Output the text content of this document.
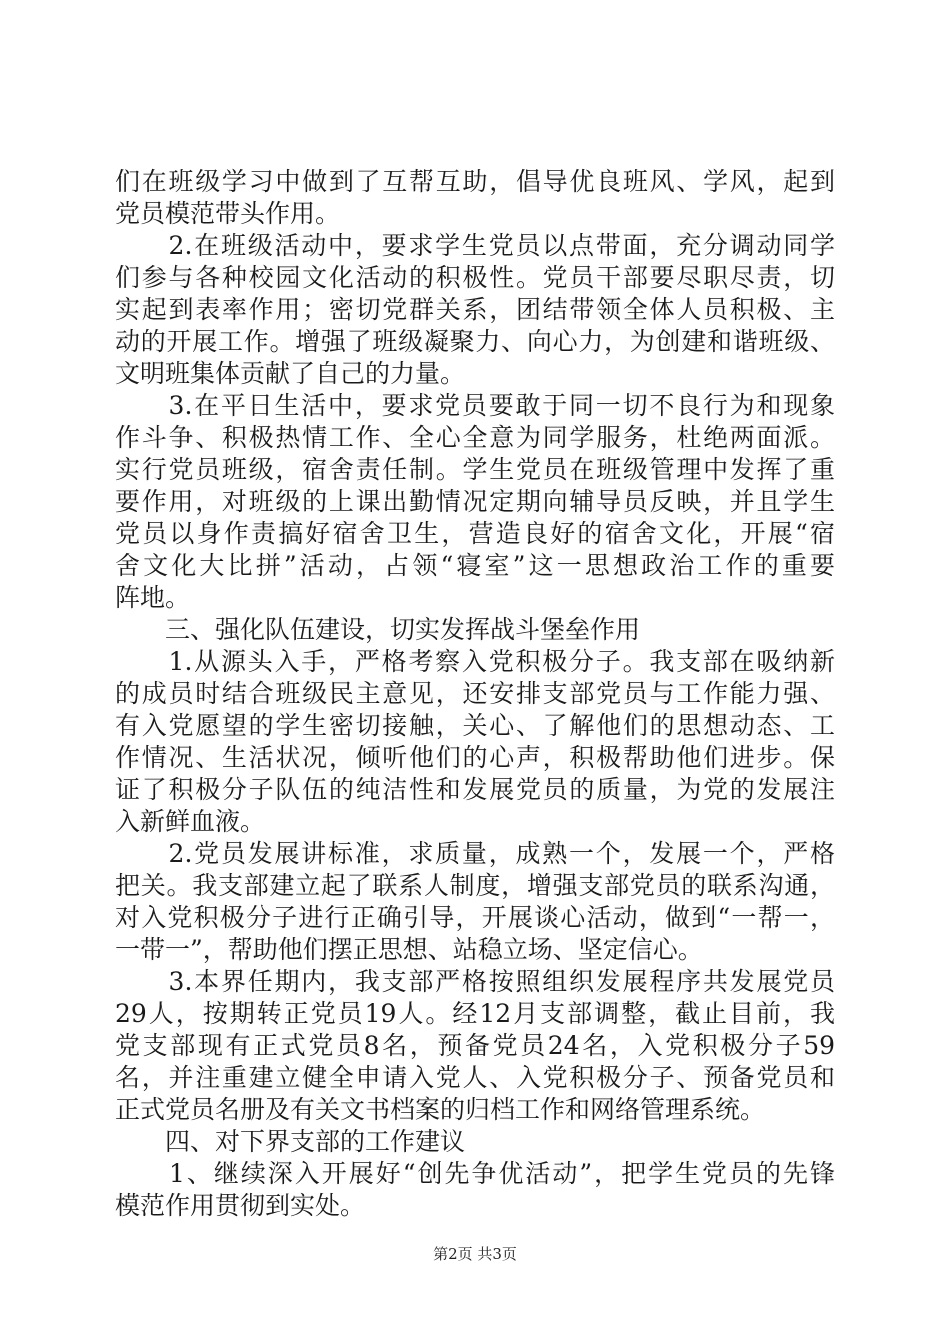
们在班级学习中做到了互帮互助，倡导优良班风、学风，起到
党员模范带头作用。
　　2.在班级活动中，要求学生党员以点带面，充分调动同学
们参与各种校园文化活动的积极性。党员干部要尽职尽责，切
实起到表率作用；密切党群关系，团结带领全体人员积极、主
动的开展工作。增强了班级凝聚力、向心力，为创建和谐班级、
文明班集体贡献了自己的力量。
　　3.在平日生活中，要求党员要敢于同一切不良行为和现象
作斗争、积极热情工作、全心全意为同学服务，杜绝两面派。
实行党员班级，宿舍责任制。学生党员在班级管理中发挥了重
要作用，对班级的上课出勤情况定期向辅导员反映，并且学生
党员以身作责搞好宿舍卫生，营造良好的宿舍文化，开展“宿
舍文化大比拼”活动，占领“寝室”这一思想政治工作的重要
阵地。
　　三、强化队伍建设，切实发挥战斗堡垒作用
　　1.从源头入手，严格考察入党积极分子。我支部在吸纳新
的成员时结合班级民主意见，还安排支部党员与工作能力强、
有入党愿望的学生密切接触，关心、了解他们的思想动态、工
作情况、生活状况，倾听他们的心声，积极帮助他们进步。保
证了积极分子队伍的纯洁性和发展党员的质量，为党的发展注
入新鲜血液。
　　2.党员发展讲标准，求质量，成熟一个，发展一个，严格
把关。我支部建立起了联系人制度，增强支部党员的联系沟通，
对入党积极分子进行正确引导，开展谈心活动，做到“一帮一，
一带一”，帮助他们摆正思想、站稳立场、坚定信心。
　　3.本界任期内，我支部严格按照组织发展程序共发展党员
29人，按期转正党员19人。经12月支部调整，截止目前，我
党支部现有正式党员8名，预备党员24名，入党积极分子59
名，并注重建立健全申请入党人、入党积极分子、预备党员和
正式党员名册及有关文书档案的归档工作和网络管理系统。
　　四、对下界支部的工作建议
　　1、继续深入开展好“创先争优活动”，把学生党员的先锋
模范作用贯彻到实处。
第2页 共3页
